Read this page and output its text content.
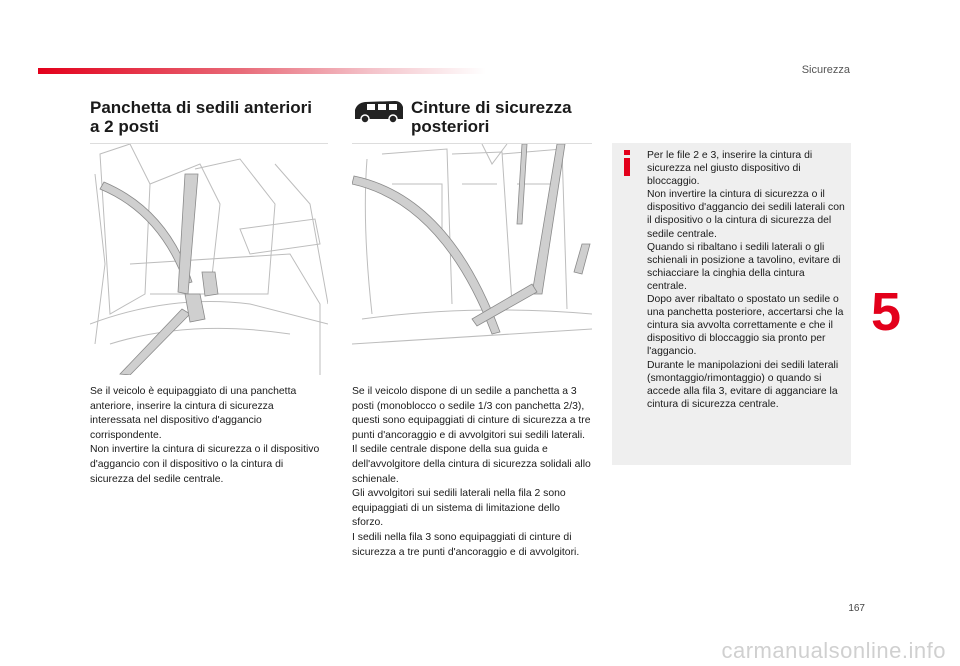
Sicurezza
Panchetta di sedili anteriori
a 2 posti

Se il veicolo è equipaggiato di una panchetta anteriore, inserire la cintura di sicurezza interessata nel dispositivo d'aggancio corrispondente.

Non invertire la cintura di sicurezza o il dispositivo d'aggancio con il dispositivo o la cintura di sicurezza del sedile centrale.

Cinture di sicurezza
posteriori

Se il veicolo dispone di un sedile a panchetta a 3 posti (monoblocco o sedile 1/3 con panchetta 2/3), questi sono equipaggiati di cinture di sicurezza a tre punti d'ancoraggio e di avvolgitori sui sedili laterali.

Il sedile centrale dispone della sua guida e dell'avvolgitore della cintura di sicurezza solidali allo schienale.

Gli avvolgitori sui sedili laterali nella fila 2 sono equipaggiati di un sistema di limitazione dello sforzo.

I sedili nella fila 3 sono equipaggiati di cinture di sicurezza a tre punti d'ancoraggio e di avvolgitori.

Per le file 2 e 3, inserire la cintura di sicurezza nel giusto dispositivo di bloccaggio.

Non invertire la cintura di sicurezza o il dispositivo d'aggancio dei sedili laterali con il dispositivo o la cintura di sicurezza del sedile centrale.

Quando si ribaltano i sedili laterali o gli schienali in posizione a tavolino, evitare di schiacciare la cinghia della cintura centrale.

Dopo aver ribaltato o spostato un sedile o una panchetta posteriore, accertarsi che la cintura sia avvolta correttamente e che il dispositivo di bloccaggio sia pronto per l'aggancio.

Durante le manipolazioni dei sedili laterali (smontaggio/rimontaggio) o quando si accede alla fila 3, evitare di agganciare la cintura di sicurezza centrale.

5
167
carmanualsonline.info
